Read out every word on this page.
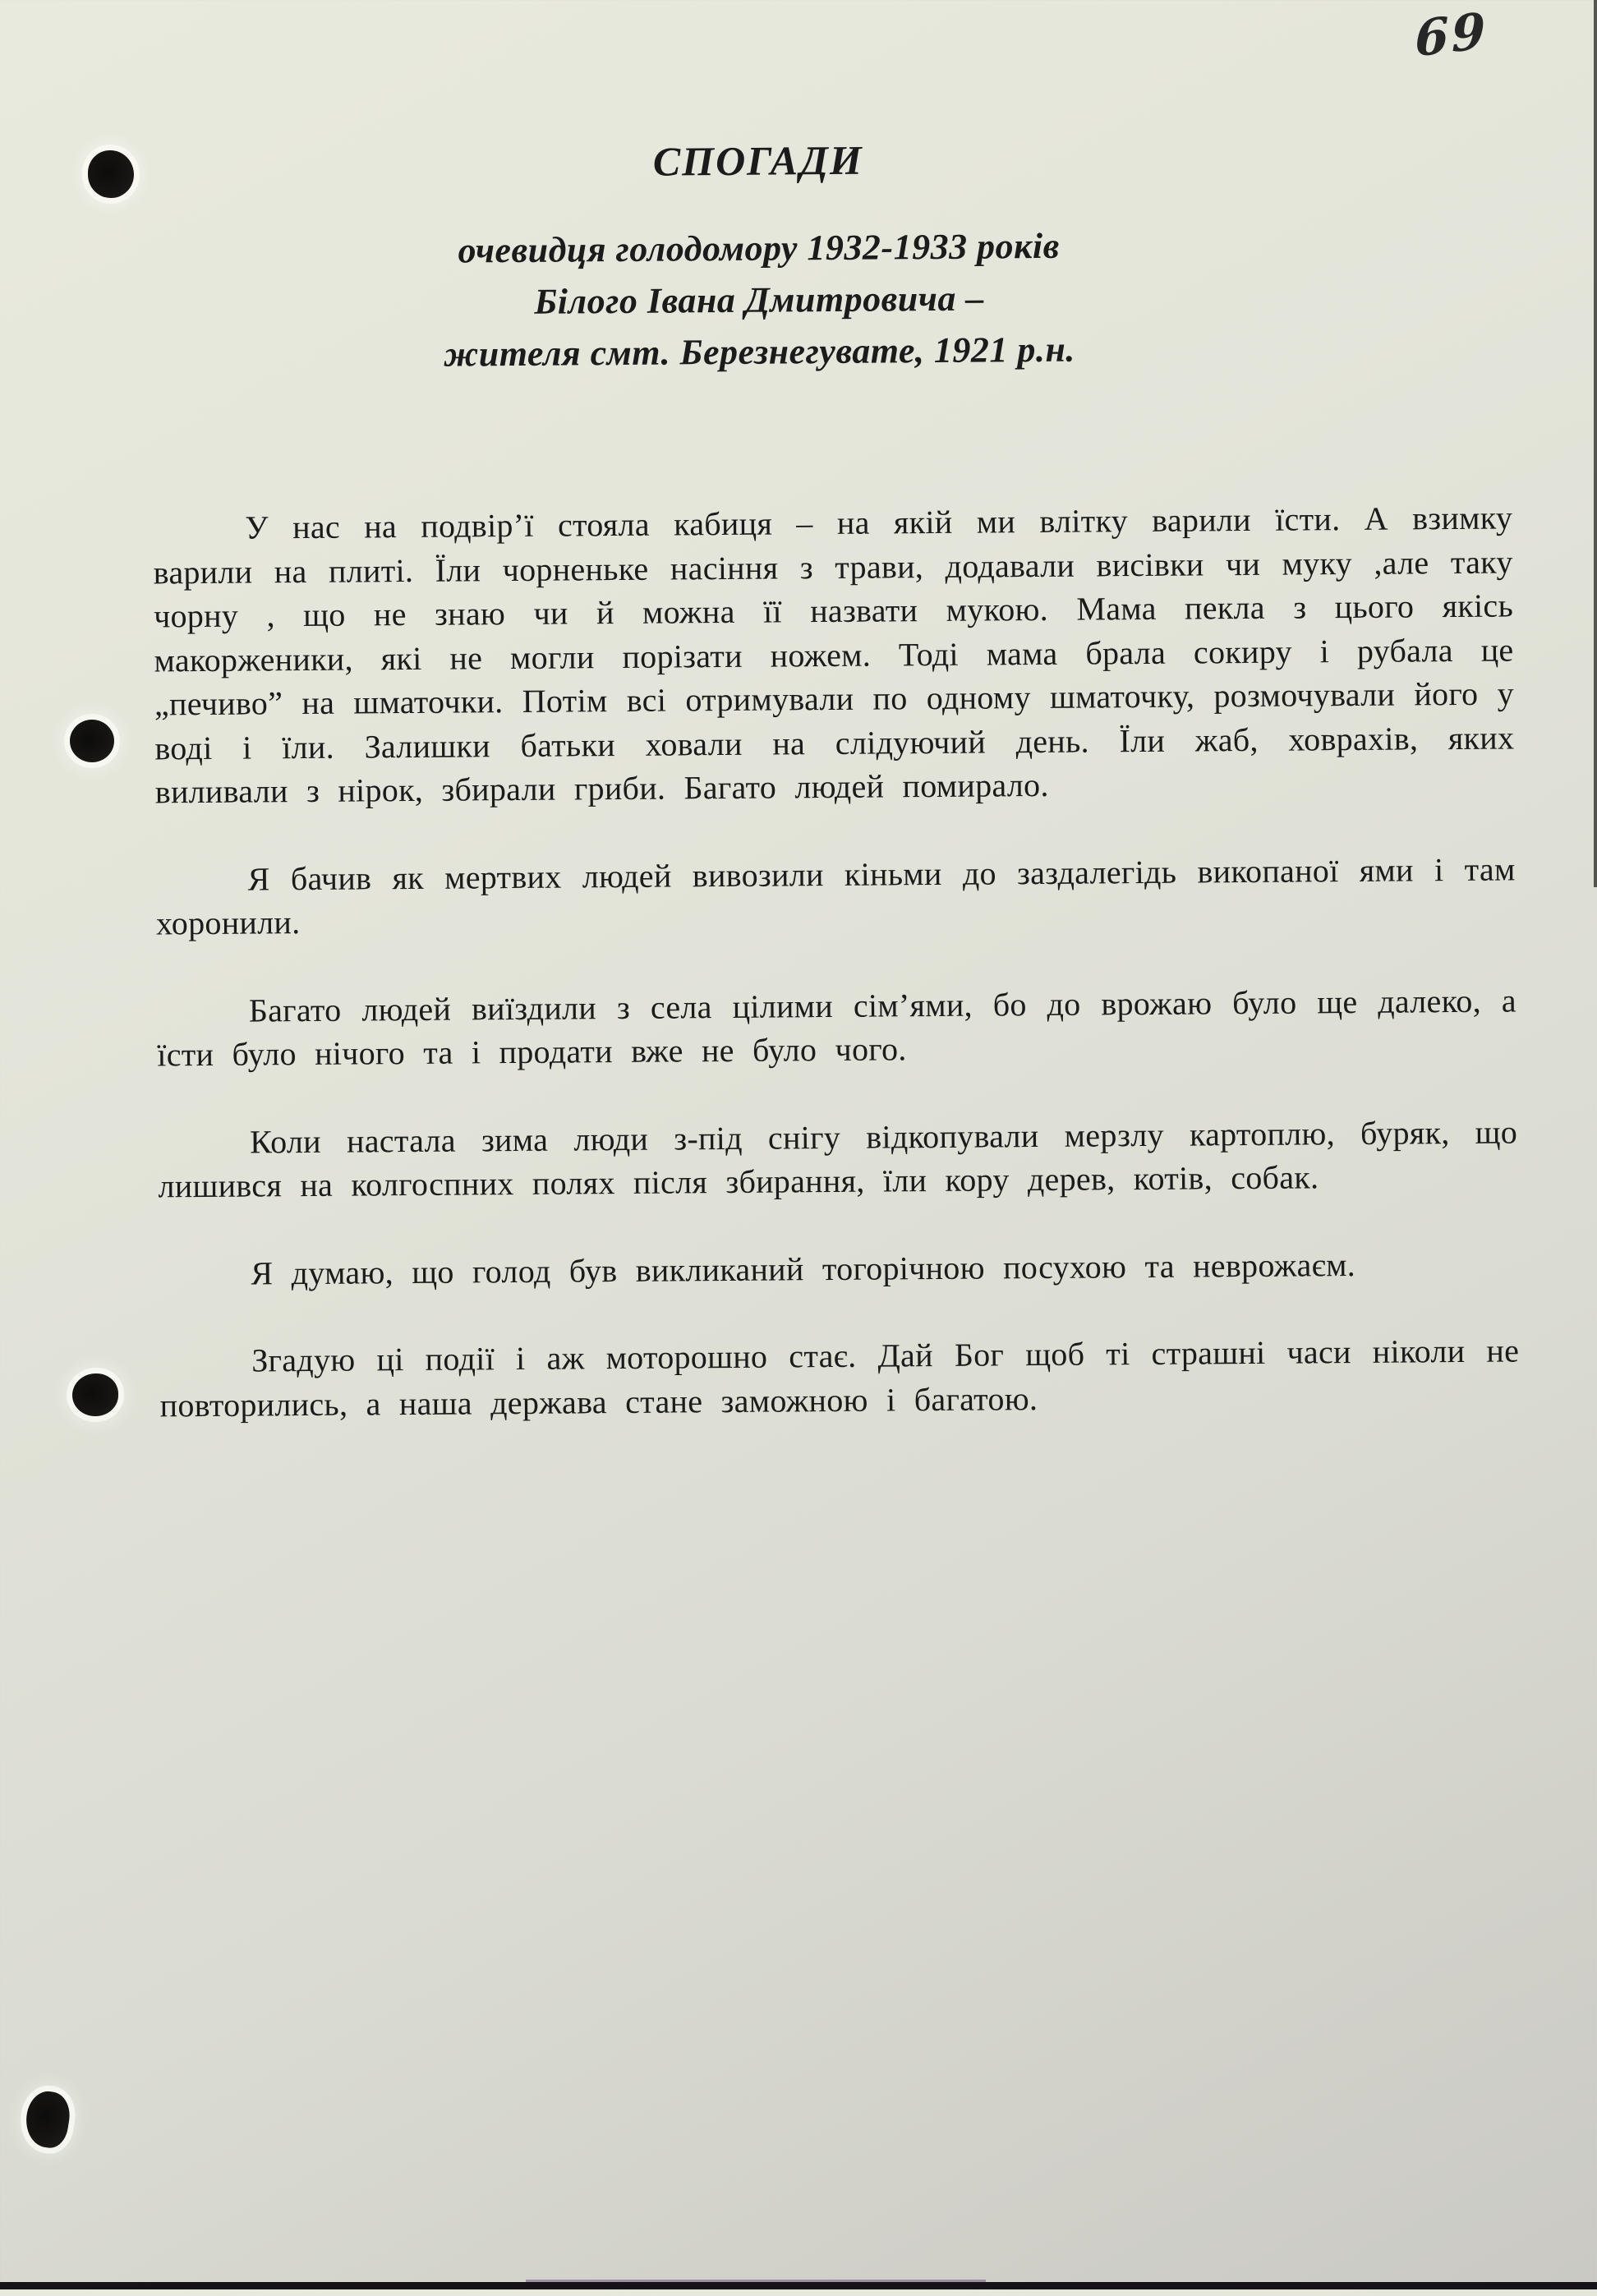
69
СПОГАДИ
очевидця голодомору 1932-1933 років
Білого Івана Дмитровича –
жителя смт. Березнегувате, 1921 р.н.

У нас на подвір’ї стояла кабиця – на якій ми влітку варили їсти. А взимку варили на плиті. Їли чорненьке насіння з трави, додавали висівки чи муку ,але таку чорну , що не знаю чи й можна її назвати мукою. Мама пекла з цього якісь макорженики, які не могли порізати ножем. Тоді мама брала сокиру і рубала це „печиво” на шматочки. Потім всі отримували по одному шматочку, розмочували його у воді і їли. Залишки батьки ховали на слідуючий день. Їли жаб, ховрахів, яких виливали з нірок, збирали гриби. Багато людей помирало.

Я бачив як мертвих людей вивозили кіньми до заздалегідь викопаної ями і там хоронили.

Багато людей виїздили з села цілими сім’ями, бо до врожаю було ще далеко, а їсти було нічого та і продати вже не було чого.

Коли настала зима люди з-під снігу відкопували мерзлу картоплю, буряк, що лишився на колгоспних полях після збирання, їли кору дерев, котів, собак.

Я думаю, що голод був викликаний тогорічною посухою та неврожаєм.

Згадую ці події і аж моторошно стає. Дай Бог щоб ті страшні часи ніколи не повторились, а наша держава стане заможною і багатою.
